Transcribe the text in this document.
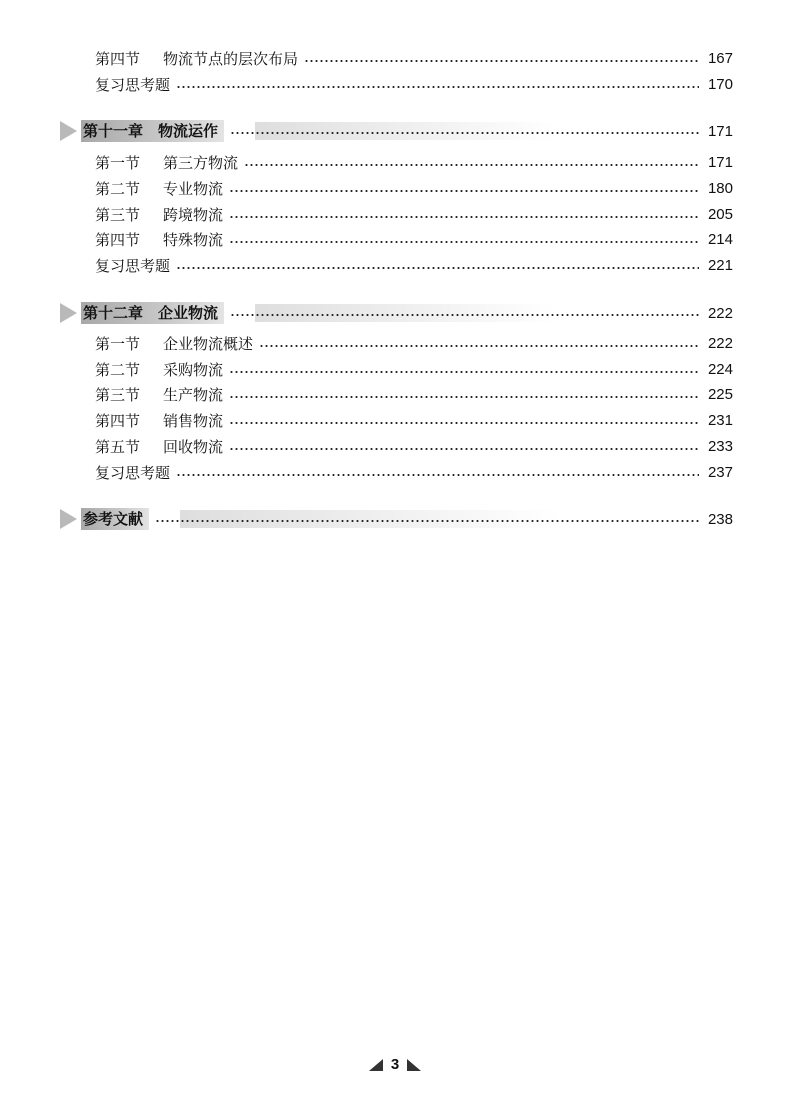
第四节	物流节点的层次布局	167
复习思考题	170
第十一章　物流运作	171
第一节	第三方物流	171
第二节	专业物流	180
第三节	跨境物流	205
第四节	特殊物流	214
复习思考题	221
第十二章　企业物流	222
第一节	企业物流概述	222
第二节	采购物流	224
第三节	生产物流	225
第四节	销售物流	231
第五节	回收物流	233
复习思考题	237
参考文献	238
3
